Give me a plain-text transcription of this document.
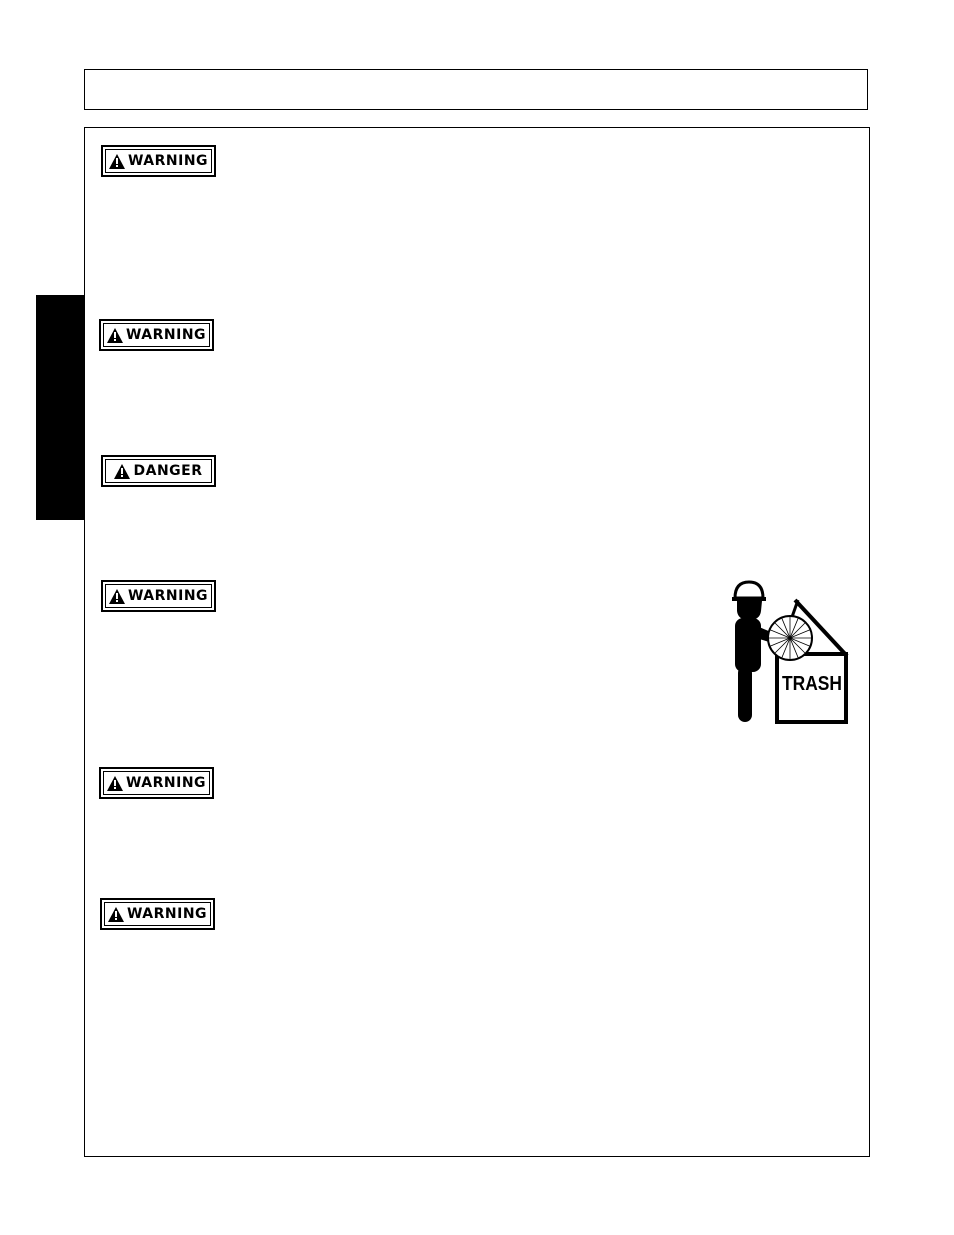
WARNING
WARNING
DANGER
WARNING
WARNING
WARNING
TRASH
